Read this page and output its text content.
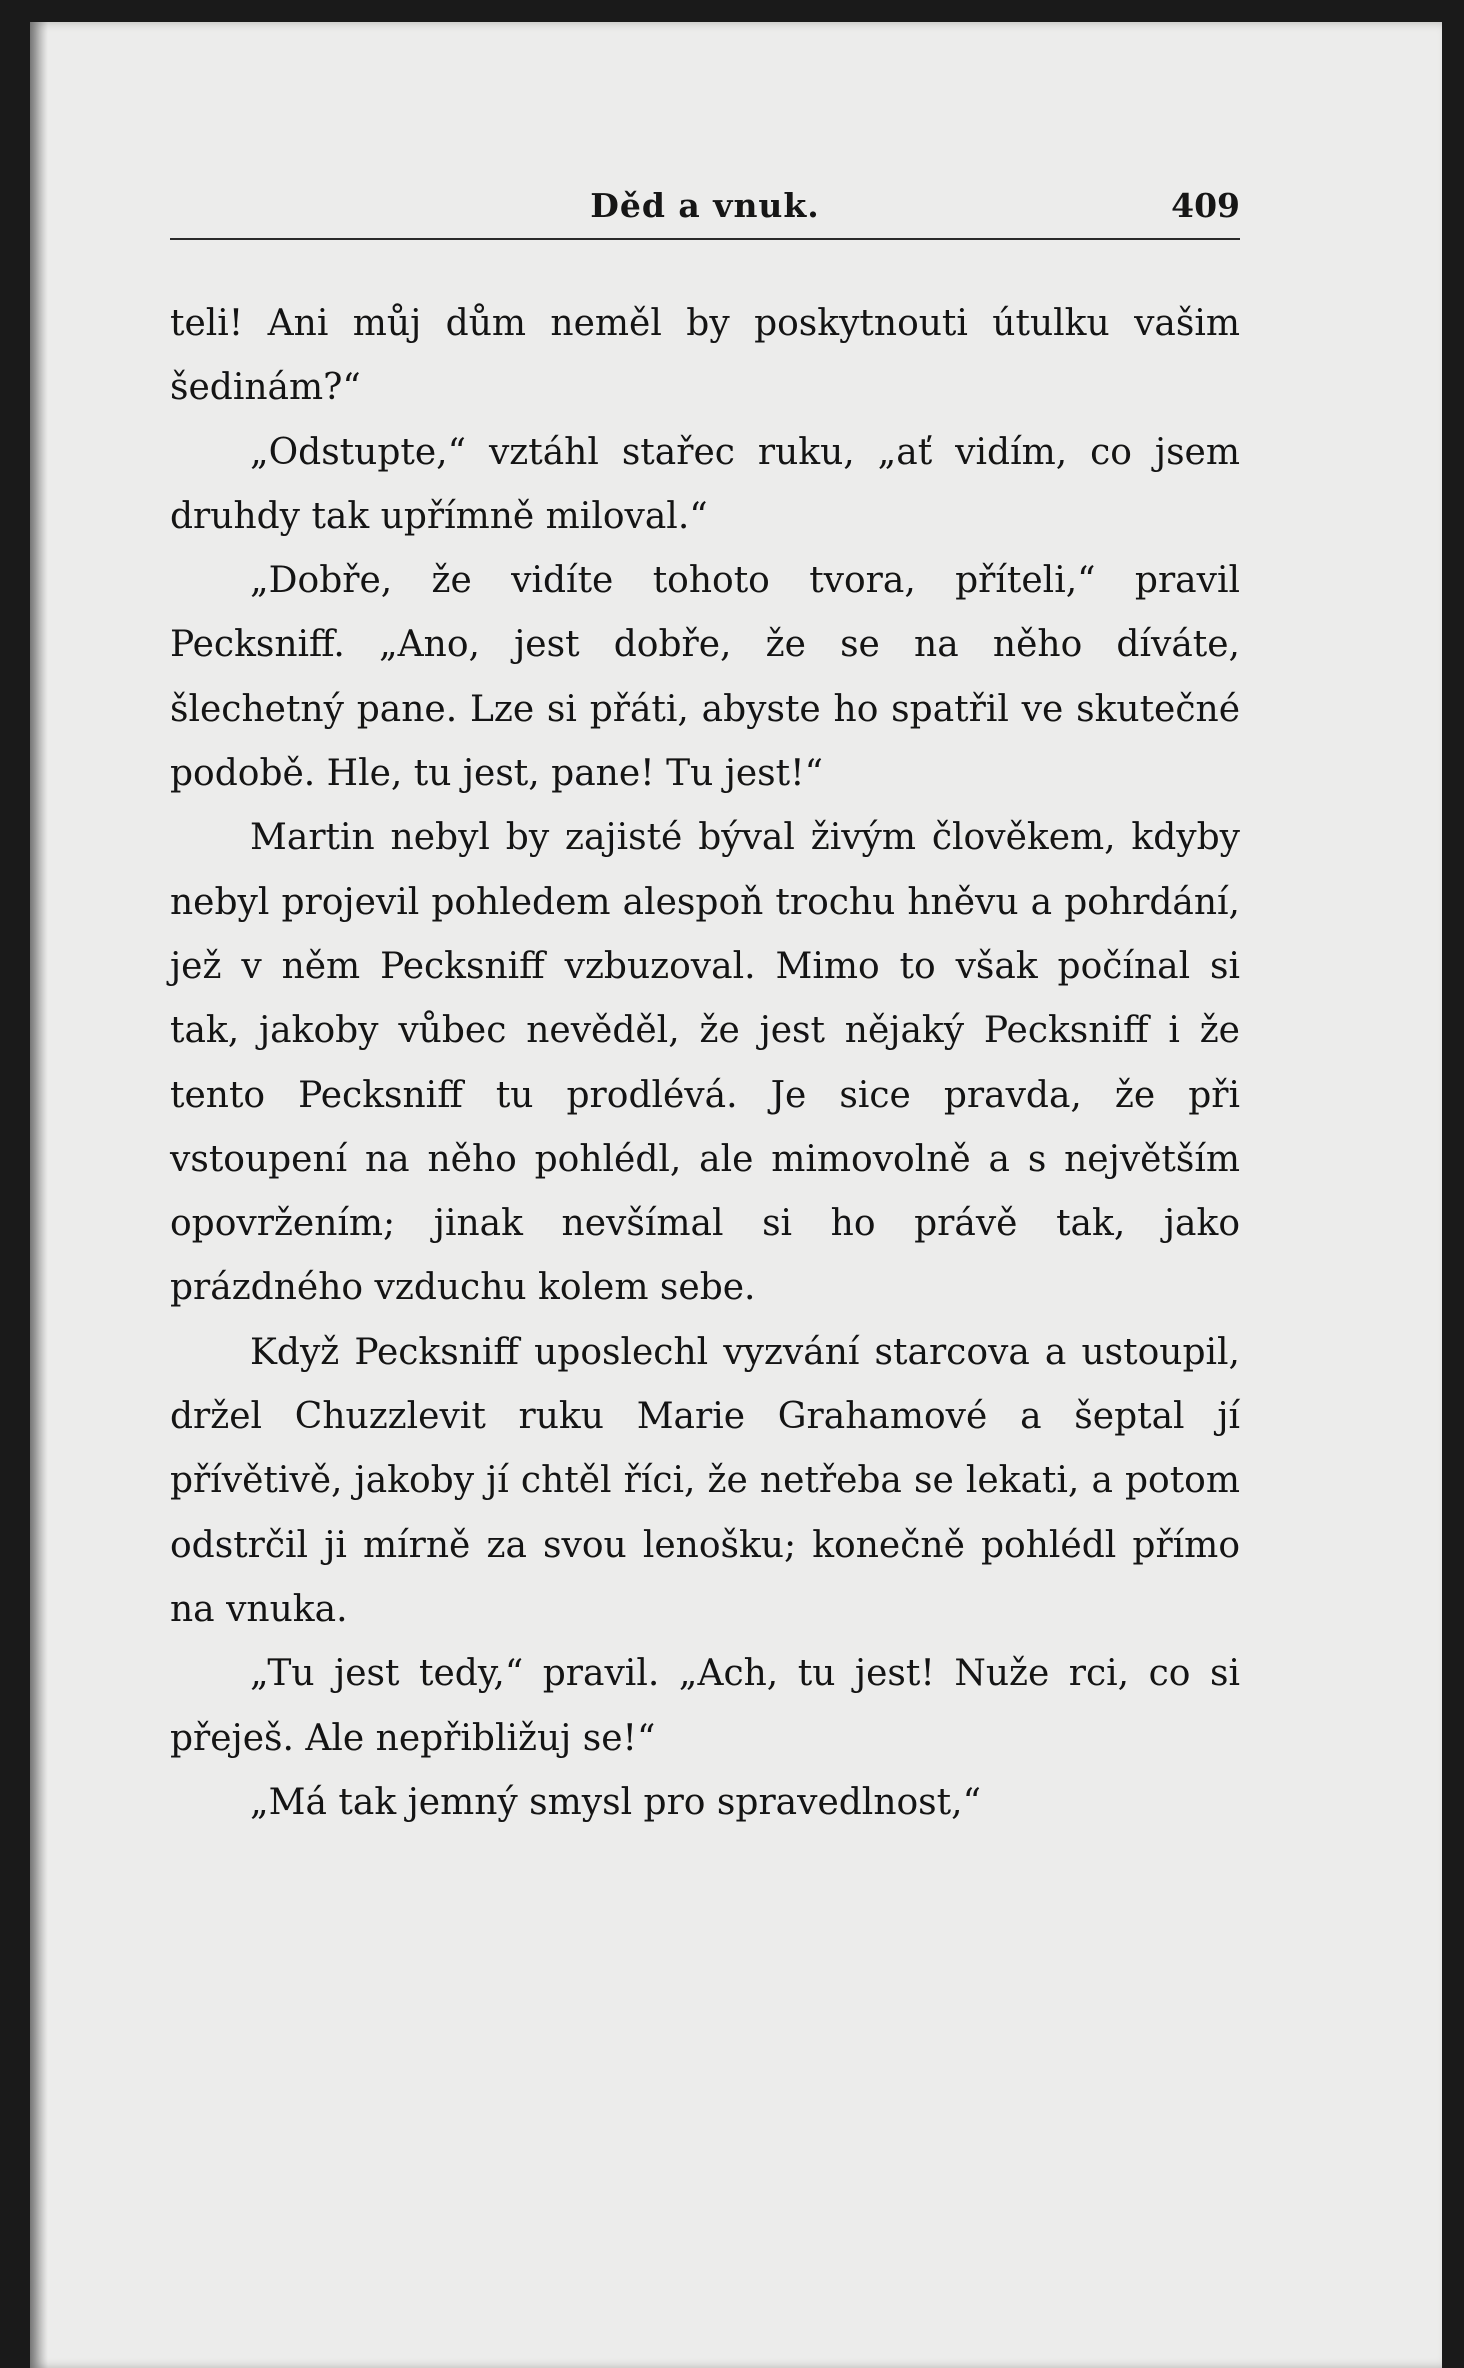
Děd a vnuk.	409

teli! Ani můj dům neměl by poskytnouti útulku vašim šedinám?“

„Odstupte,“ vztáhl stařec ruku, „ať vidím, co jsem druhdy tak upřímně miloval.“

„Dobře, že vidíte tohoto tvora, příteli,“ pravil Pecksniff. „Ano, jest dobře, že se na něho díváte, šlechetný pane. Lze si přáti, abyste ho spatřil ve skutečné podobě. Hle, tu jest, pane! Tu jest!“

Martin nebyl by zajisté býval živým člověkem, kdyby nebyl projevil pohledem alespoň trochu hněvu a pohrdání, jež v něm Pecksniff vzbuzoval. Mimo to však počínal si tak, jakoby vůbec nevěděl, že jest nějaký Pecksniff i že tento Pecksniff tu prodlévá. Je sice pravda, že při vstoupení na něho pohlédl, ale mimovolně a s největším opovržením; jinak nevšímal si ho právě tak, jako prázdného vzduchu kolem sebe.

Když Pecksniff uposlechl vyzvání starcova a ustoupil, držel Chuzzlevit ruku Marie Grahamové a šeptal jí přívětivě, jakoby jí chtěl říci, že netřeba se lekati, a potom odstrčil ji mírně za svou lenošku; konečně pohlédl přímo na vnuka.

„Tu jest tedy,“ pravil. „Ach, tu jest! Nuže rci, co si přeješ. Ale nepřibližuj se!“

„Má tak jemný smysl pro spravedlnost,“
